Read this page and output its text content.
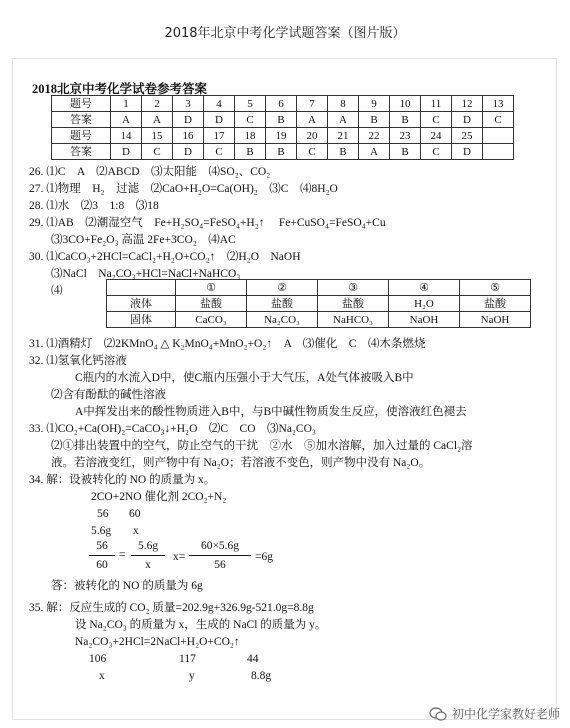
2018年北京中考化学试题答案（图片版）
2018北京中考化学试卷参考答案
题号	1	2	3	4	5	6	7	8	9	10	11	12	13
答案	A	A	D	D	C	B	A	A	B	B	C	D	C
题号	14	15	16	17	18	19	20	21	22	23	24	25	
答案	D	C	D	C	B	B	C	B	A	B	C	D	
26. ⑴C　A　⑵ABCD　⑶太阳能　⑷SO₂、CO₂
27. ⑴物理　H₂　过滤　⑵CaO+H₂O=Ca(OH)₂　⑶C　⑷8H₂O
28. ⑴水　⑵3　1:8　⑶18
29. ⑴AB　⑵潮湿空气　Fe+H₂SO₄=FeSO₄+H₂↑　 Fe+CuSO₄=FeSO₄+Cu
⑶3CO+Fe₂O₃ 高温 2Fe+3CO₂　⑷AC
30. ⑴CaCO₃+2HCl=CaCl₂+H₂O+CO₂↑　⑵H₂O　NaOH
⑶NaCl　Na₂CO₃+HCl=NaCl+NaHCO₃
⑷
		①	②	③	④	⑤
液体	盐酸	盐酸	盐酸	H₂O	盐酸
固体	CaCO₃	Na₂CO₃	NaHCO₃	NaOH	NaOH
31. ⑴酒精灯　⑵2KMnO₄ △ K₂MnO₄+MnO₂+O₂↑　A　⑶催化　C　⑷木条燃烧
32. ⑴氢氧化钙溶液
C瓶内的水流入D中，使C瓶内压强小于大气压，A处气体被吸入B中
⑵含有酚酞的碱性溶液
A中挥发出来的酸性物质进入B中，与B中碱性物质发生反应，使溶液红色褪去
33. ⑴CO₂+Ca(OH)₂=CaCO₃↓+H₂O　⑵C　CO　⑶Na₂CO₃
⑵①排出装置中的空气，防止空气的干扰　②水　⑤加水溶解，加入过量的 CaCl₂溶
液。若溶液变红，则产物中有 Na₂O；若溶液不变色，则产物中没有 Na₂O。
34. 解：设被转化的 NO 的质量为 x。
2CO+2NO 催化剂 2CO₂+N₂
56 60
5.6g x
56
60
=
5.6g
x
x=
60×5.6g
56
=6g
答：被转化的 NO 的质量为 6g
35. 解：反应生成的 CO₂ 质量=202.9g+326.9g-521.0g=8.8g
设 Na₂CO₃ 的质量为 x，生成的 NaCl 的质量为 y。
Na₂CO₃+2HCl=2NaCl+H₂O+CO₂↑
106	117	44
x	y	8.8g
初中化学家教好老师
